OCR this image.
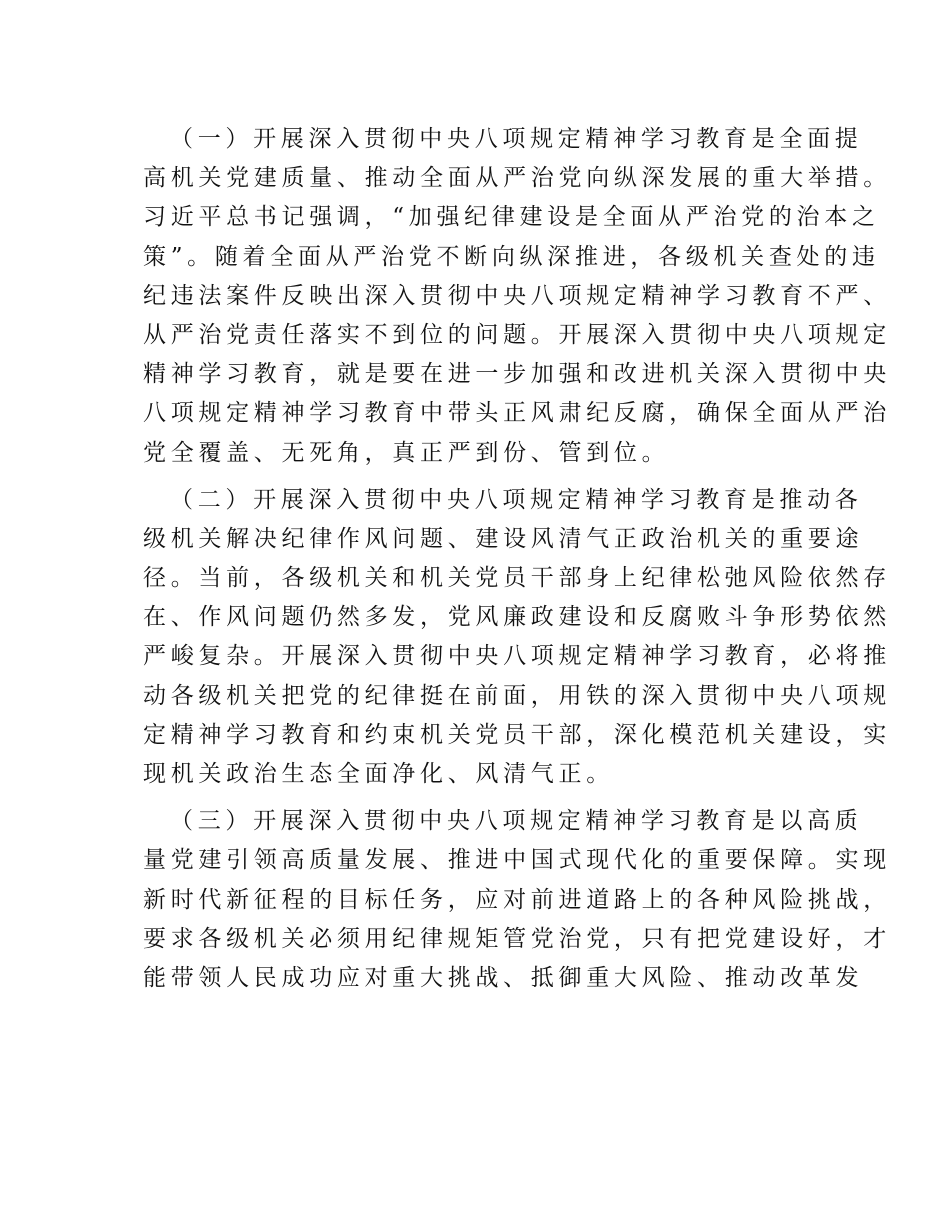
（一）开展深入贯彻中央八项规定精神学习教育是全面提
高机关党建质量、推动全面从严治党向纵深发展的重大举措。
习近平总书记强调，“加强纪律建设是全面从严治党的治本之
策”。随着全面从严治党不断向纵深推进，各级机关查处的违
纪违法案件反映出深入贯彻中央八项规定精神学习教育不严、
从严治党责任落实不到位的问题。开展深入贯彻中央八项规定
精神学习教育，就是要在进一步加强和改进机关深入贯彻中央
八项规定精神学习教育中带头正风肃纪反腐，确保全面从严治
党全覆盖、无死角，真正严到份、管到位。

（二）开展深入贯彻中央八项规定精神学习教育是推动各
级机关解决纪律作风问题、建设风清气正政治机关的重要途
径。当前，各级机关和机关党员干部身上纪律松弛风险依然存
在、作风问题仍然多发，党风廉政建设和反腐败斗争形势依然
严峻复杂。开展深入贯彻中央八项规定精神学习教育，必将推
动各级机关把党的纪律挺在前面，用铁的深入贯彻中央八项规
定精神学习教育和约束机关党员干部，深化模范机关建设，实
现机关政治生态全面净化、风清气正。

（三）开展深入贯彻中央八项规定精神学习教育是以高质
量党建引领高质量发展、推进中国式现代化的重要保障。实现
新时代新征程的目标任务，应对前进道路上的各种风险挑战，
要求各级机关必须用纪律规矩管党治党，只有把党建设好，才
能带领人民成功应对重大挑战、抵御重大风险、推动改革发
